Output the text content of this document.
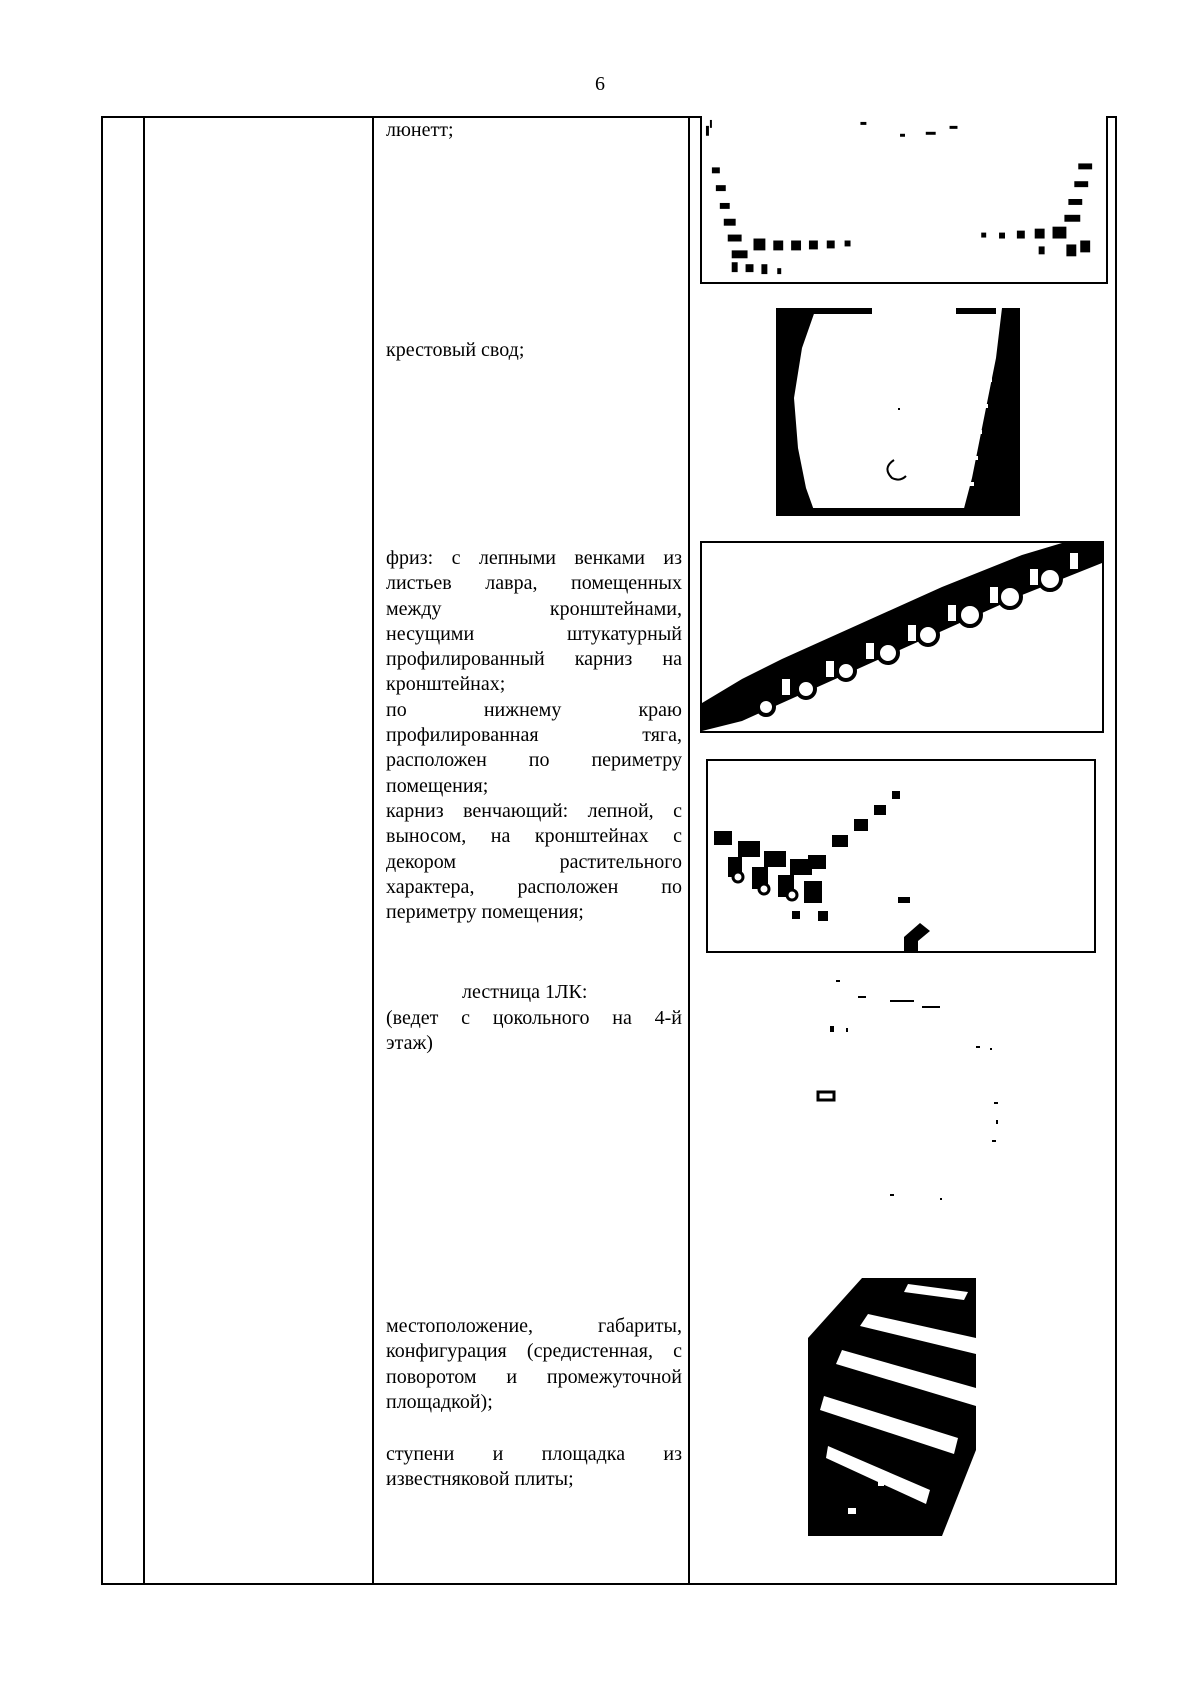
6
люнетт;
крестовый свод;
фриз: с лепными венками из
листьев лавра, помещенных
между кронштейнами,
несущими штукатурный
профилированный карниз на
кронштейнах;
по нижнему краю
профилированная тяга,
расположен по периметру
помещения;
карниз венчающий: лепной, с
выносом, на кронштейнах с
декором растительного
характера, расположен по
периметру помещения;
лестница 1ЛК:
(ведет с цокольного на 4-й
этаж)
местоположение, габариты,
конфигурация (средистенная, с
поворотом и промежуточной
площадкой);
ступени и площадка из
известняковой плиты;
